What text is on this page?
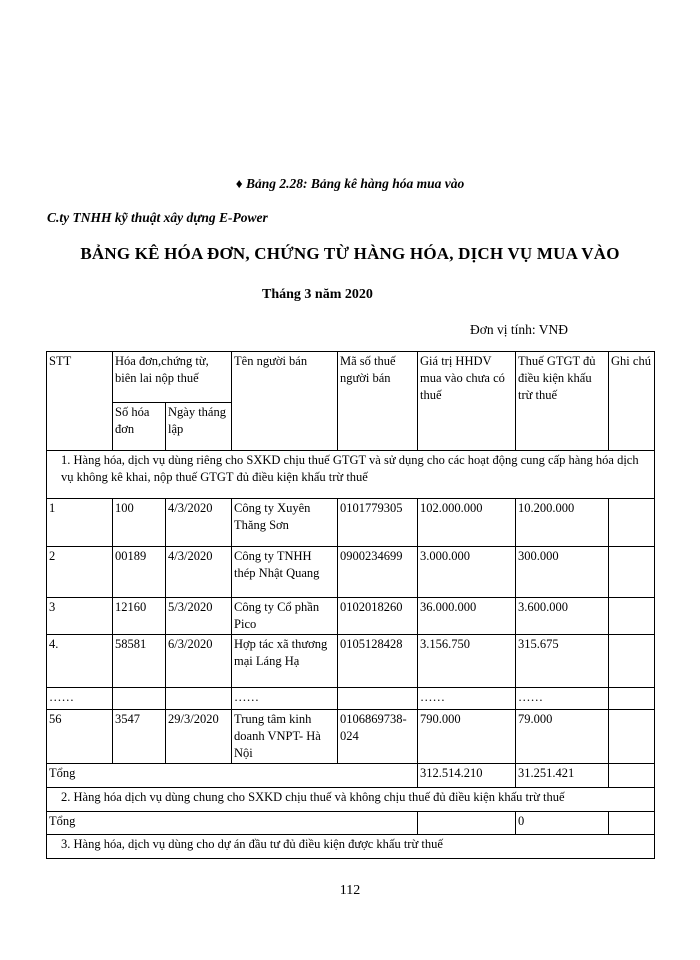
♦ Bảng 2.28: Bảng kê hàng hóa mua vào
C.ty TNHH kỹ thuật xây dựng E-Power
BẢNG KÊ HÓA ĐƠN, CHỨNG TỪ HÀNG HÓA, DỊCH VỤ MUA VÀO
Tháng 3 năm 2020
Đơn vị tính: VNĐ
STT	Hóa đơn,chứng từ, biên lai nộp thuế		Tên người bán	Mã số thuế người bán	Giá trị HHDV mua vào chưa có thuế	Thuế GTGT đủ điều kiện khấu trừ thuế	Ghi chú
	Số hóa đơn	Ngày tháng lập					
1. Hàng hóa, dịch vụ dùng riêng cho SXKD chịu thuế GTGT và sử dụng cho các hoạt động cung cấp hàng hóa dịch vụ không kê khai, nộp thuế GTGT đủ điều kiện khấu trừ thuế							
1	100	4/3/2020	Công ty Xuyên Thăng Sơn	0101779305	102.000.000	10.200.000	
2	00189	4/3/2020	Công ty TNHH thép Nhật Quang	0900234699	3.000.000	300.000	
3	12160	5/3/2020	Công ty Cổ phần Pico	0102018260	36.000.000	3.600.000	
4.	58581	6/3/2020	Hợp tác xã thương mại Láng Hạ	0105128428	3.156.750	315.675	
……			……		……	……	
56	3547	29/3/2020	Trung tâm kinh doanh VNPT- Hà Nội	0106869738-024	790.000	79.000	
Tổng					312.514.210	31.251.421	
2. Hàng hóa dịch vụ dùng chung cho SXKD chịu thuế và không chịu thuế đủ điều kiện khấu trừ thuế							
Tổng						0	
3. Hàng hóa, dịch vụ dùng cho dự án đầu tư đủ điều kiện được khấu trừ thuế							
112
